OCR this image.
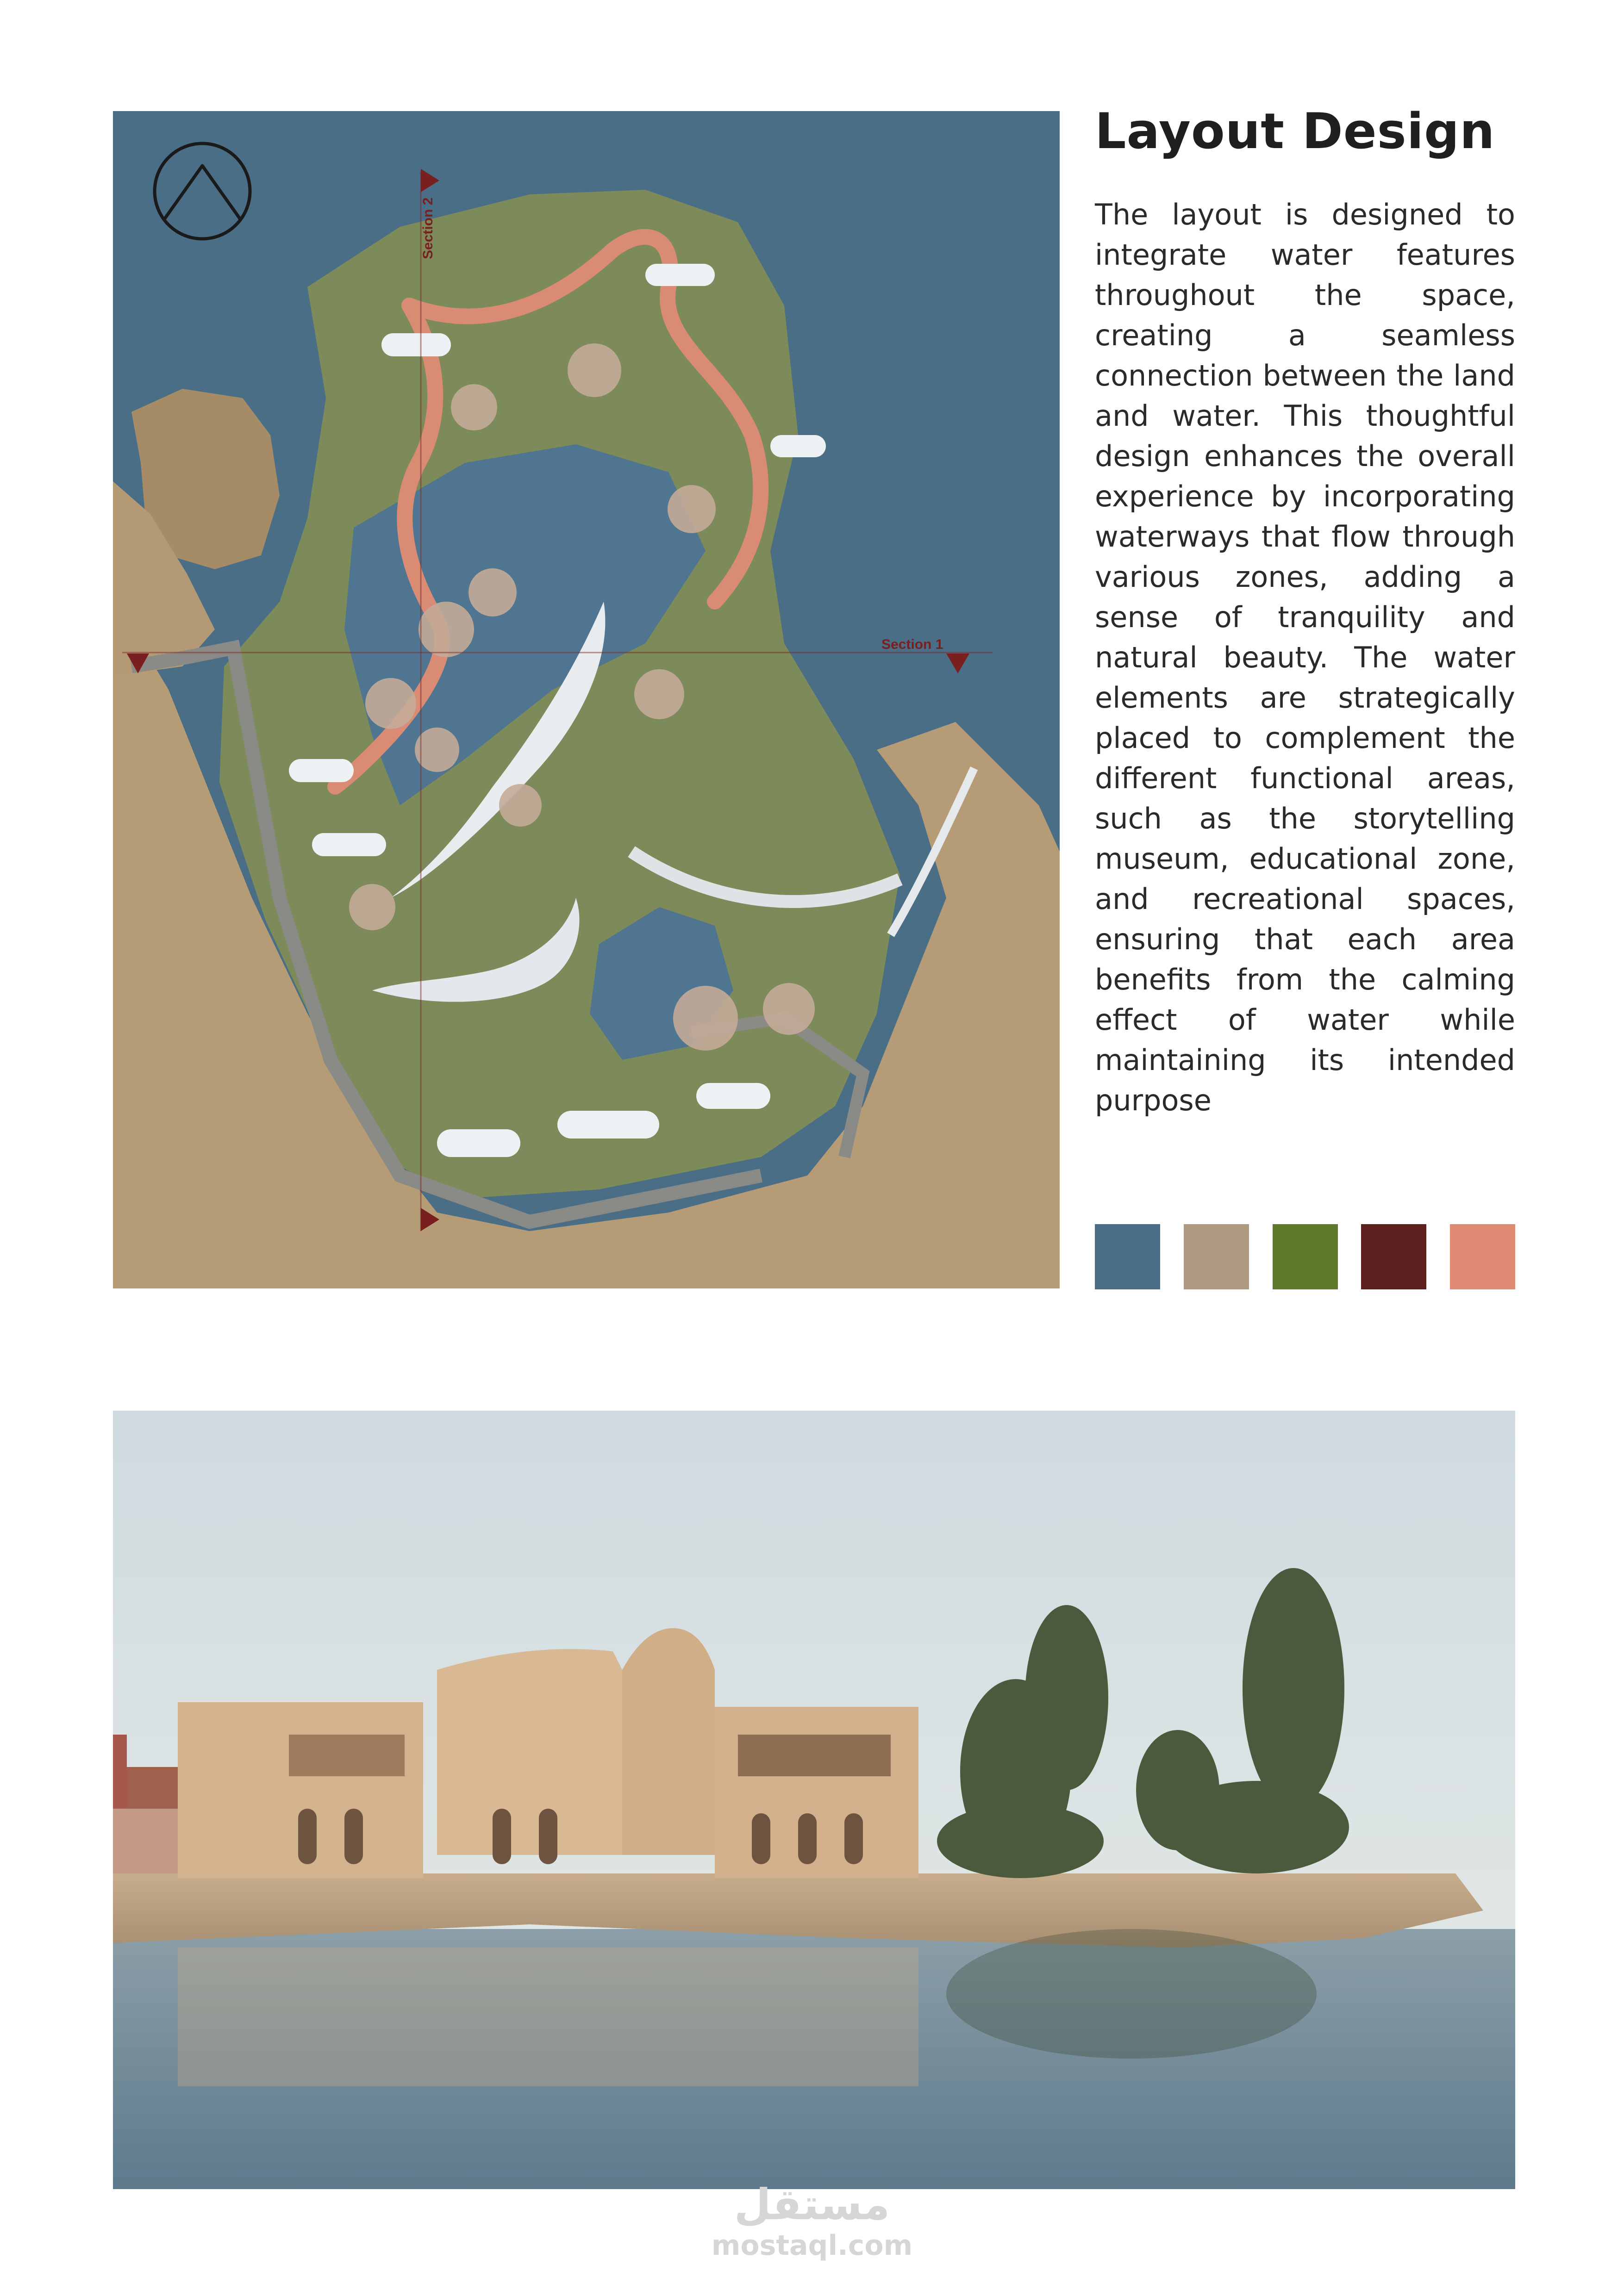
Section 1
Section 2
Layout Design

The layout is designed to integrate water features throughout the space, creating a seamless connection between the land and water. This thoughtful design enhances the overall experience by incorporating waterways that flow through various zones, adding a sense of tranquility and natural beauty. The water elements are strategically placed to complement the different functional areas, such as the storytelling museum, educational zone, and recreational spaces, ensuring that each area benefits from the calming effect of water while maintaining its intended purpose

مستقل
mostaql.com
